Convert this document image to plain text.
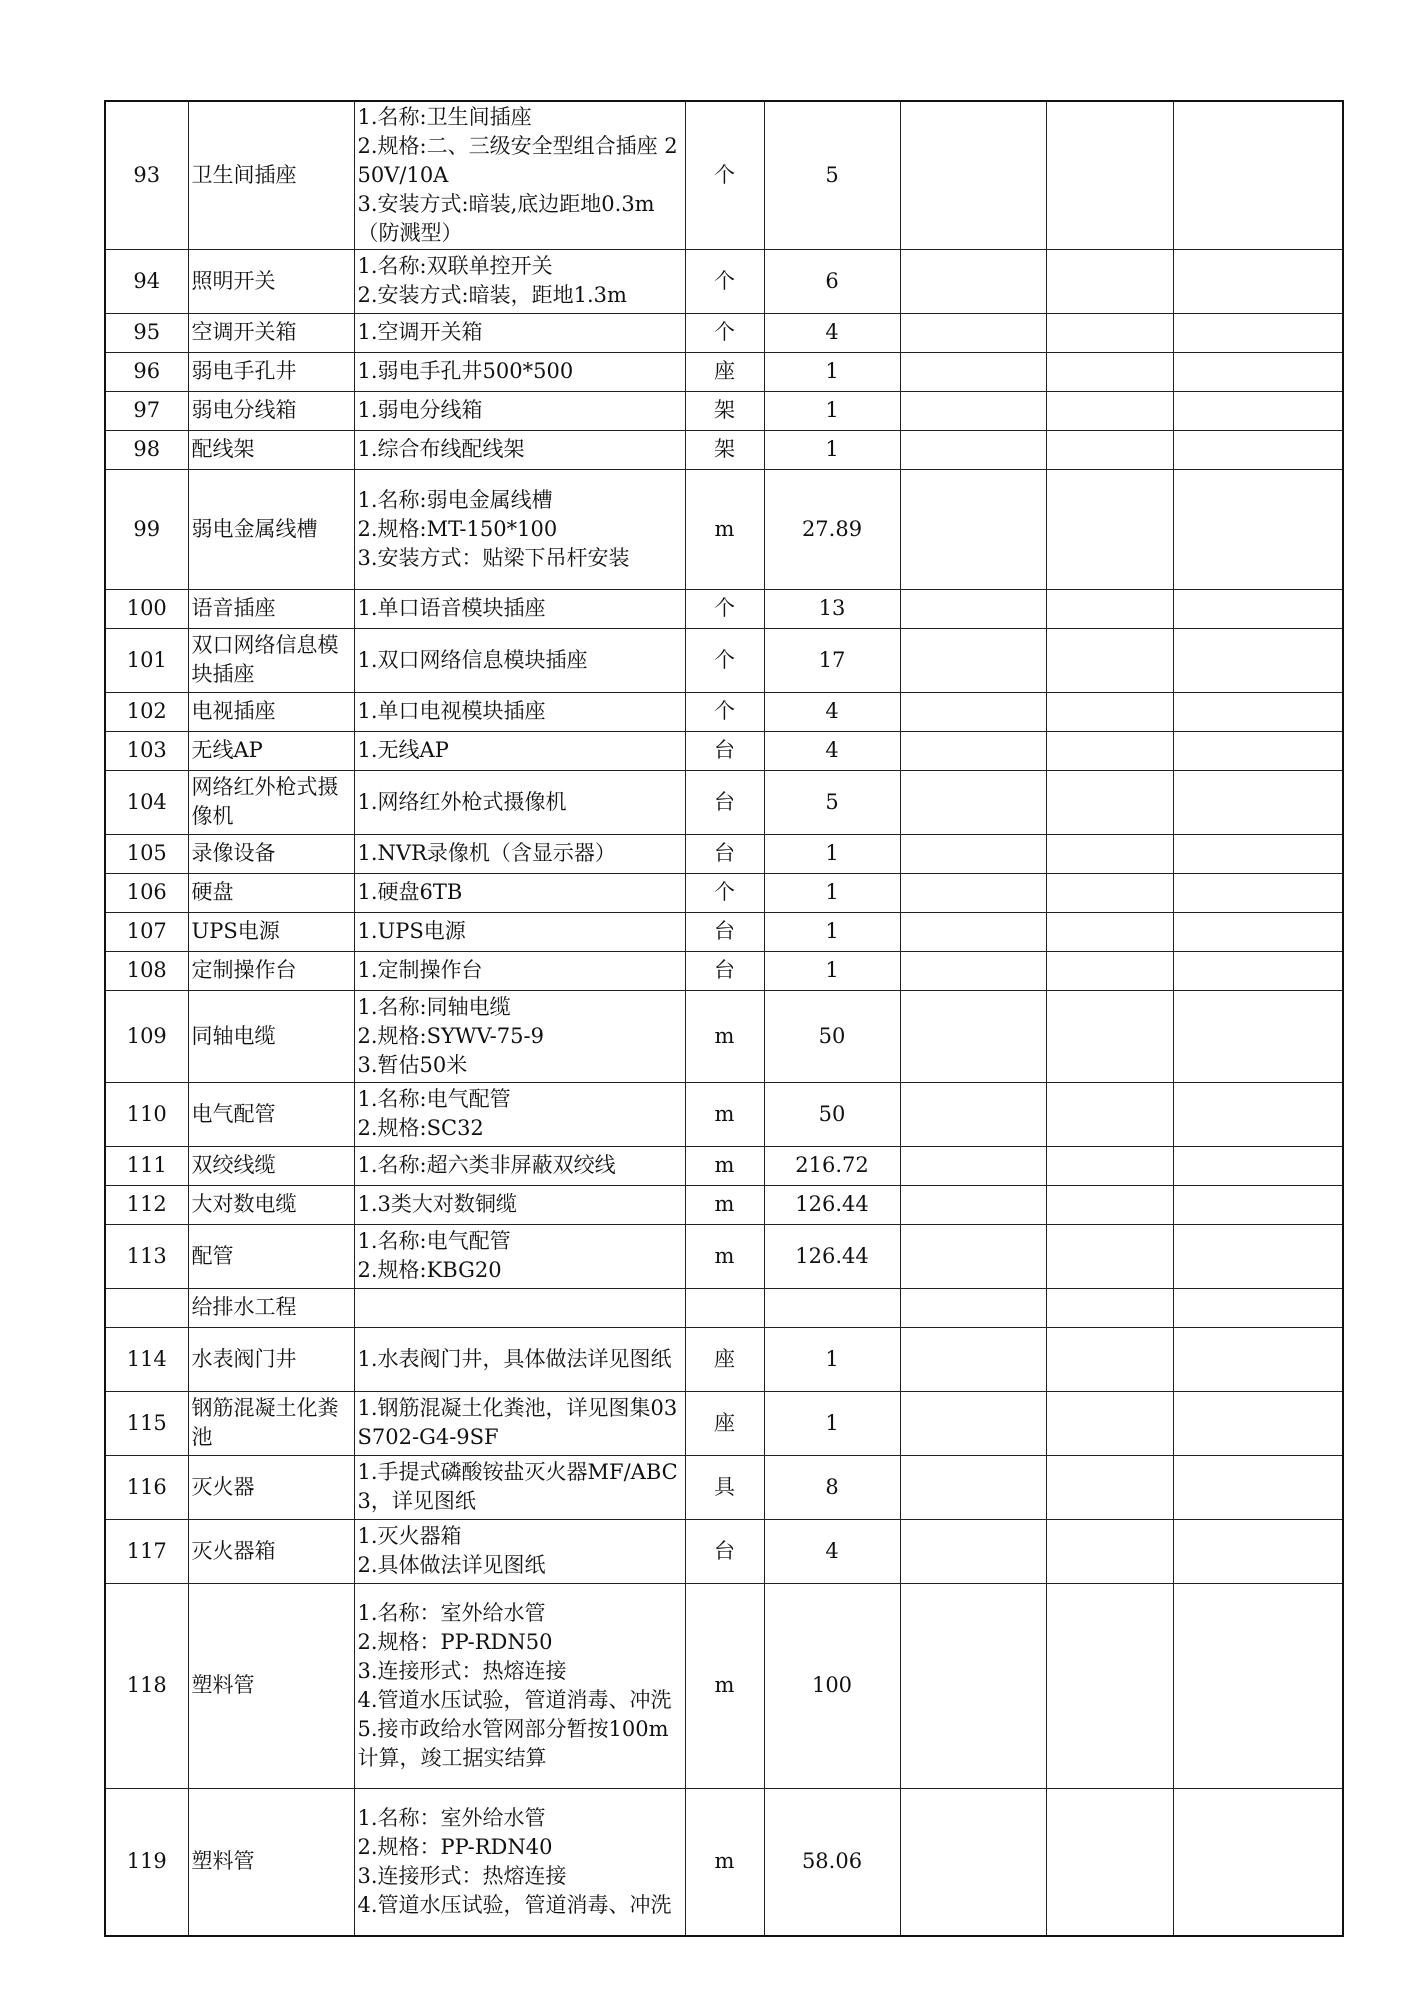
93	卫生间插座	1.名称:卫生间插座
2.规格:二、三级安全型组合插座 250V/10A
3.安装方式:暗装,底边距地0.3m（防溅型）	个	5			
94	照明开关	1.名称:双联单控开关
2.安装方式:暗装，距地1.3m	个	6			
95	空调开关箱	1.空调开关箱	个	4			
96	弱电手孔井	1.弱电手孔井500*500	座	1			
97	弱电分线箱	1.弱电分线箱	架	1			
98	配线架	1.综合布线配线架	架	1			
99	弱电金属线槽	1.名称:弱电金属线槽
2.规格:MT-150*100
3.安装方式：贴梁下吊杆安装	m	27.89			
100	语音插座	1.单口语音模块插座	个	13			
101	双口网络信息模块插座	1.双口网络信息模块插座	个	17			
102	电视插座	1.单口电视模块插座	个	4			
103	无线AP	1.无线AP	台	4			
104	网络红外枪式摄像机	1.网络红外枪式摄像机	台	5			
105	录像设备	1.NVR录像机（含显示器）	台	1			
106	硬盘	1.硬盘6TB	个	1			
107	UPS电源	1.UPS电源	台	1			
108	定制操作台	1.定制操作台	台	1			
109	同轴电缆	1.名称:同轴电缆
2.规格:SYWV-75-9
3.暂估50米	m	50			
110	电气配管	1.名称:电气配管
2.规格:SC32	m	50			
111	双绞线缆	1.名称:超六类非屏蔽双绞线	m	216.72			
112	大对数电缆	1.3类大对数铜缆	m	126.44			
113	配管	1.名称:电气配管
2.规格:KBG20	m	126.44			
	给排水工程						
114	水表阀门井	1.水表阀门井，具体做法详见图纸	座	1			
115	钢筋混凝土化粪池	1.钢筋混凝土化粪池，详见图集03S702-G4-9SF	座	1			
116	灭火器	1.手提式磷酸铵盐灭火器MF/ABC3，详见图纸	具	8			
117	灭火器箱	1.灭火器箱
2.具体做法详见图纸	台	4			
118	塑料管	1.名称：室外给水管
2.规格：PP-RDN50
3.连接形式：热熔连接
4.管道水压试验，管道消毒、冲洗
5.接市政给水管网部分暂按100m计算，竣工据实结算	m	100			
119	塑料管	1.名称：室外给水管
2.规格：PP-RDN40
3.连接形式：热熔连接
4.管道水压试验，管道消毒、冲洗	m	58.06			
